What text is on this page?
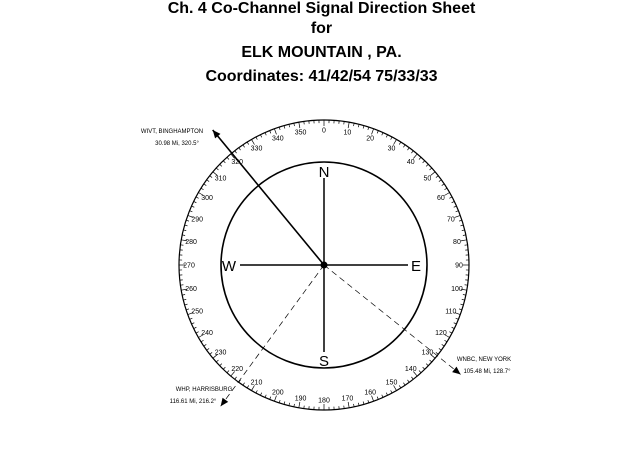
Ch. 4 Co-Channel Signal Direction Sheet
for
ELK MOUNTAIN , PA.
Coordinates: 41/42/54 75/33/33
0	10
20
30
40
50
60
70
80
90
100
110
120
130
140
150
160
170
180
190
200
210
220
230
240
250
260
270
280
290
300
310
320
330
340
350
N
E
S
W
WIVT, BINGHAMPTON
30.98 Mi, 320.5°
WNBC, NEW YORK
105.48 Mi, 128.7°
WHP, HARRISBURG
116.61 Mi, 216.2°
